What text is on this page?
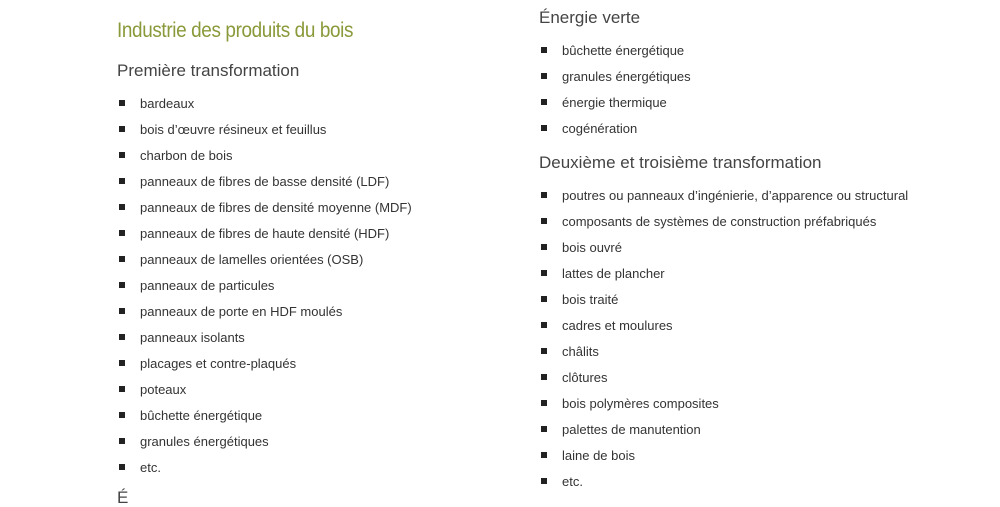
Industrie des produits du bois
Première transformation
bardeaux
bois d’œuvre résineux et feuillus
charbon de bois
panneaux de fibres de basse densité (LDF)
panneaux de fibres de densité moyenne (MDF)
panneaux de fibres de haute densité (HDF)
panneaux de lamelles orientées (OSB)
panneaux de particules
panneaux de porte en HDF moulés
panneaux isolants
placages et contre-plaqués
poteaux
bûchette énergétique
granules énergétiques
etc.
Énergie verte
bûchette énergétique
granules énergétiques
énergie thermique
cogénération
Deuxième et troisième transformation
poutres ou panneaux d’ingénierie, d’apparence ou structural
composants de systèmes de construction préfabriqués
bois ouvré
lattes de plancher
bois traité
cadres et moulures
châlits
clôtures
bois polymères composites
palettes de manutention
laine de bois
etc.
É
